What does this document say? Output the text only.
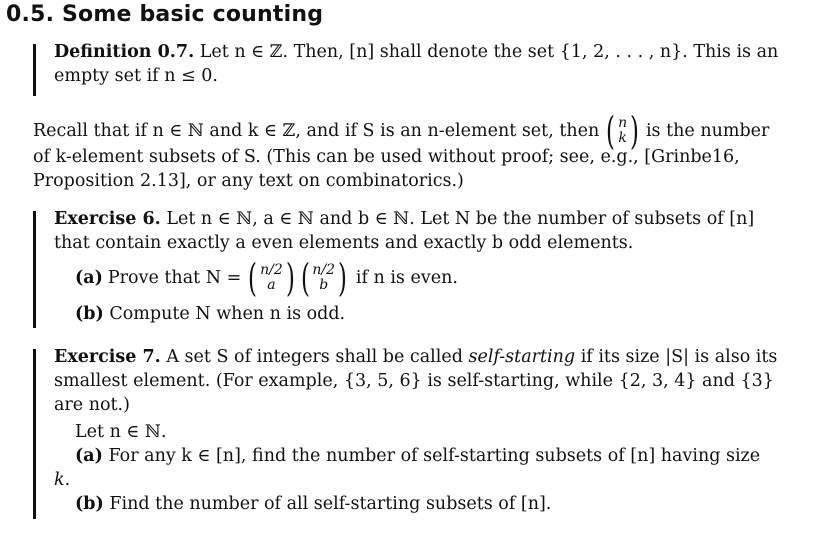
0.5. Some basic counting
Definition 0.7. Let n ∈ ℤ. Then, [n] shall denote the set {1, 2, . . . , n}. This is an
empty set if n ≤ 0.
Recall that if n ∈ ℕ and k ∈ ℤ, and if S is an n-element set, then ( n
k ) is the number
of k-element subsets of S. (This can be used without proof; see, e.g., [Grinbe16,
Proposition 2.13], or any text on combinatorics.)
Exercise 6. Let n ∈ ℕ, a ∈ ℕ and b ∈ ℕ. Let N be the number of subsets of [n]
that contain exactly a even elements and exactly b odd elements.
(a) Prove that N = ( n/2
a ) ( n/2
b ) if n is even.
(b) Compute N when n is odd.
Exercise 7. A set S of integers shall be called self-starting if its size |S| is also its
smallest element. (For example, {3, 5, 6} is self-starting, while {2, 3, 4} and {3}
are not.)
Let n ∈ ℕ.
(a) For any k ∈ [n], find the number of self-starting subsets of [n] having size
k.
(b) Find the number of all self-starting subsets of [n].
